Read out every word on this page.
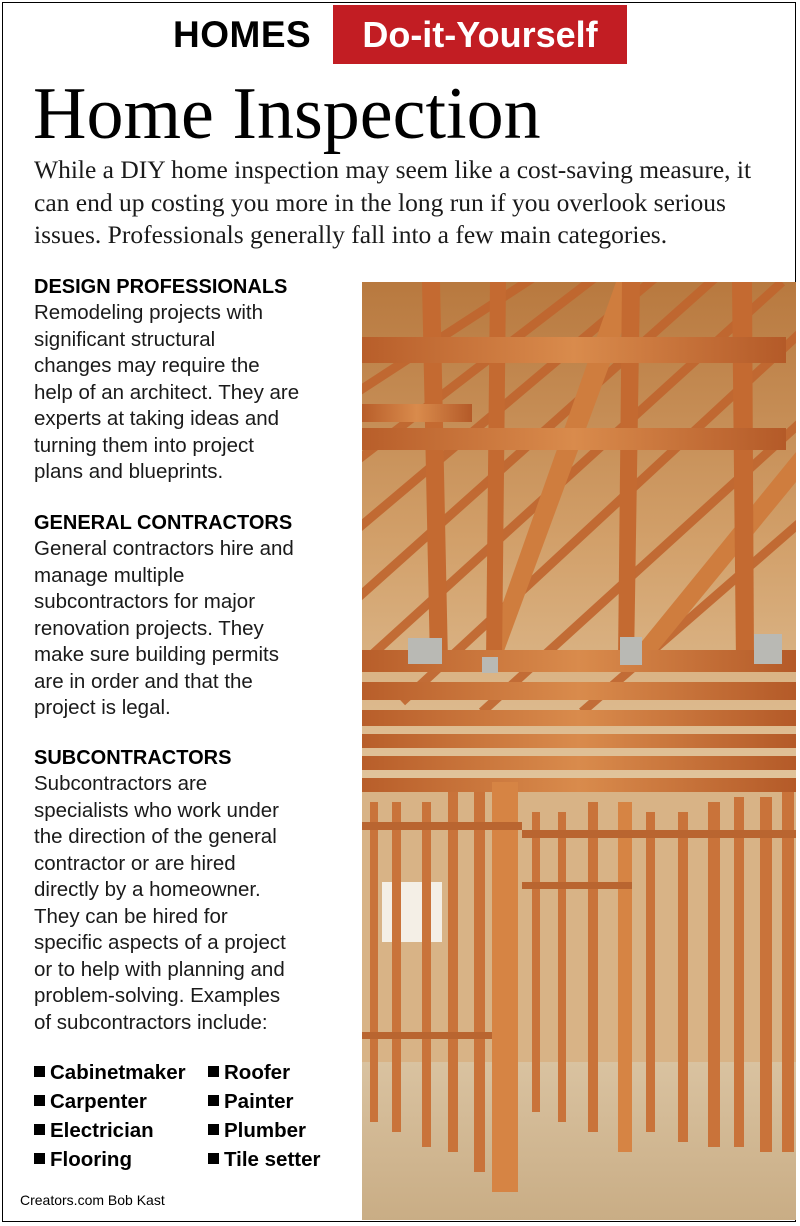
HOMES	Do-it-Yourself
Home Inspection
While a DIY home inspection may seem like a cost-saving measure, it
can end up costing you more in the long run if you overlook serious
issues. Professionals generally fall into a few main categories.
DESIGN PROFESSIONALS

Remodeling projects with
significant structural
changes may require the
help of an architect. They are
experts at taking ideas and
turning them into project
plans and blueprints.

GENERAL CONTRACTORS

General contractors hire and
manage multiple
subcontractors for major
renovation projects. They
make sure building permits
are in order and that the
project is legal.

SUBCONTRACTORS

Subcontractors are
specialists who work under
the direction of the general
contractor or are hired
directly by a homeowner.
They can be hired for
specific aspects of a project
or to help with planning and
problem-solving. Examples
of subcontractors include:

Cabinetmaker
Carpenter
Electrician
Flooring
Roofer
Painter
Plumber
Tile setter
Creators.com Bob Kast
